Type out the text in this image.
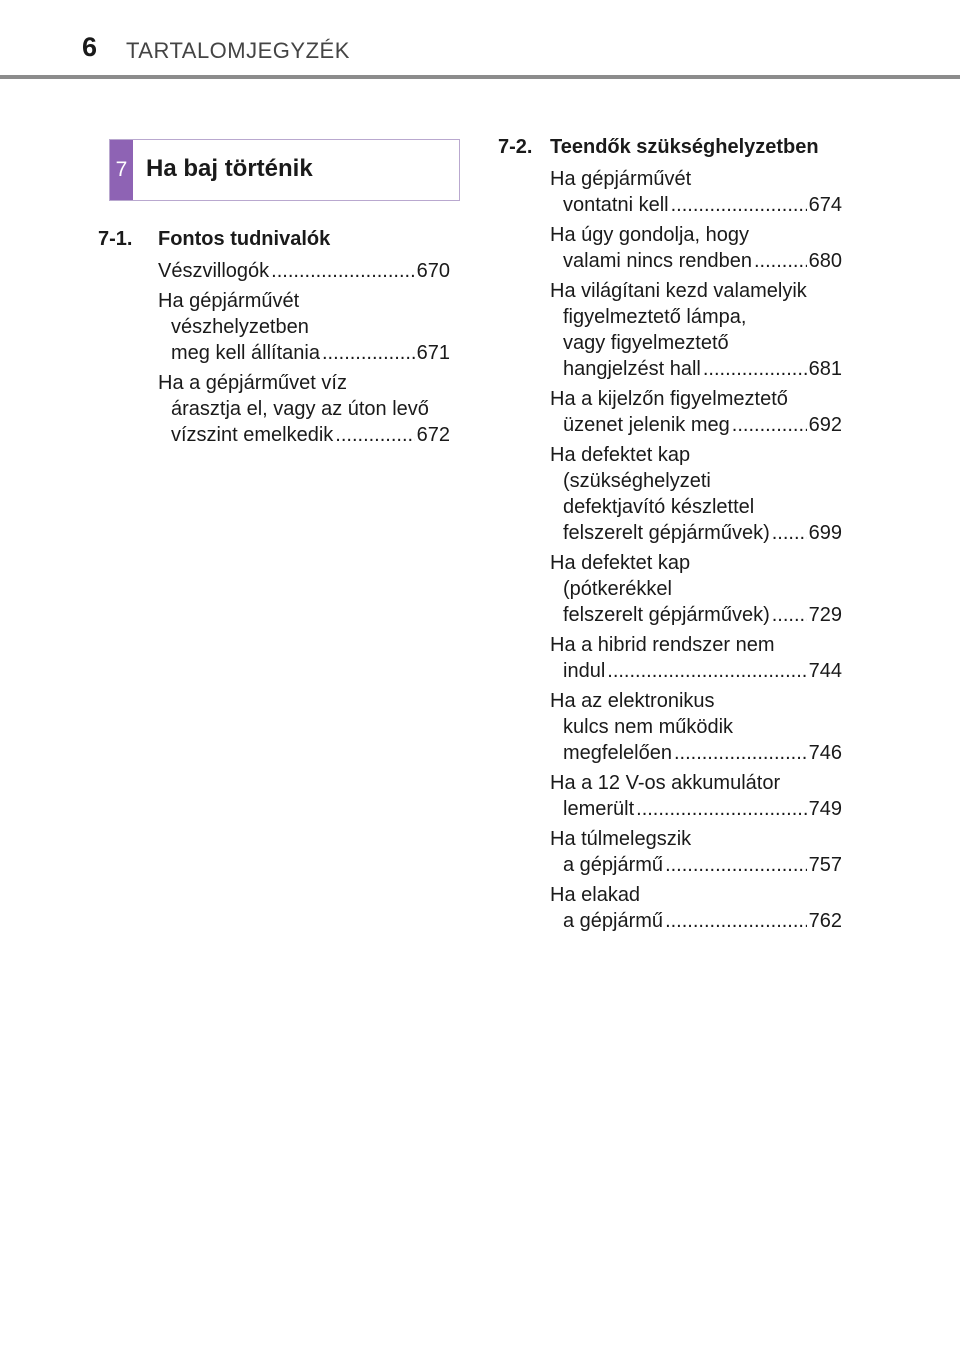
6 TARTALOMJEGYZÉK
7 Ha baj történik
7-1.	Fontos tudnivalók
Vészvillogók .....	670
Ha gépjárművét
vészhelyzetben
meg kell állítania .....	671
Ha a gépjárművet víz
árasztja el, vagy az úton levő
vízszint emelkedik .....	672
7-2. Teendők szükséghelyzetben
Ha gépjárművét
vontatni kell .....	674
Ha úgy gondolja, hogy
valami nincs rendben .....	680
Ha világítani kezd valamelyik
figyelmeztető lámpa,
vagy figyelmeztető
hangjelzést hall .....	681
Ha a kijelzőn figyelmeztető
üzenet jelenik meg .....	692
Ha defektet kap
(szükséghelyzeti
defektjavító készlettel
felszerelt gépjárművek) ..... 699
Ha defektet kap
(pótkerékkel
felszerelt gépjárművek) ..... 729
Ha a hibrid rendszer nem
indul .....	744
Ha az elektronikus
kulcs nem működik
megfelelően .....	746
Ha a 12 V-os akkumulátor
lemerült .....	749
Ha túlmelegszik
a gépjármű .....	757
Ha elakad
a gépjármű .....	762
